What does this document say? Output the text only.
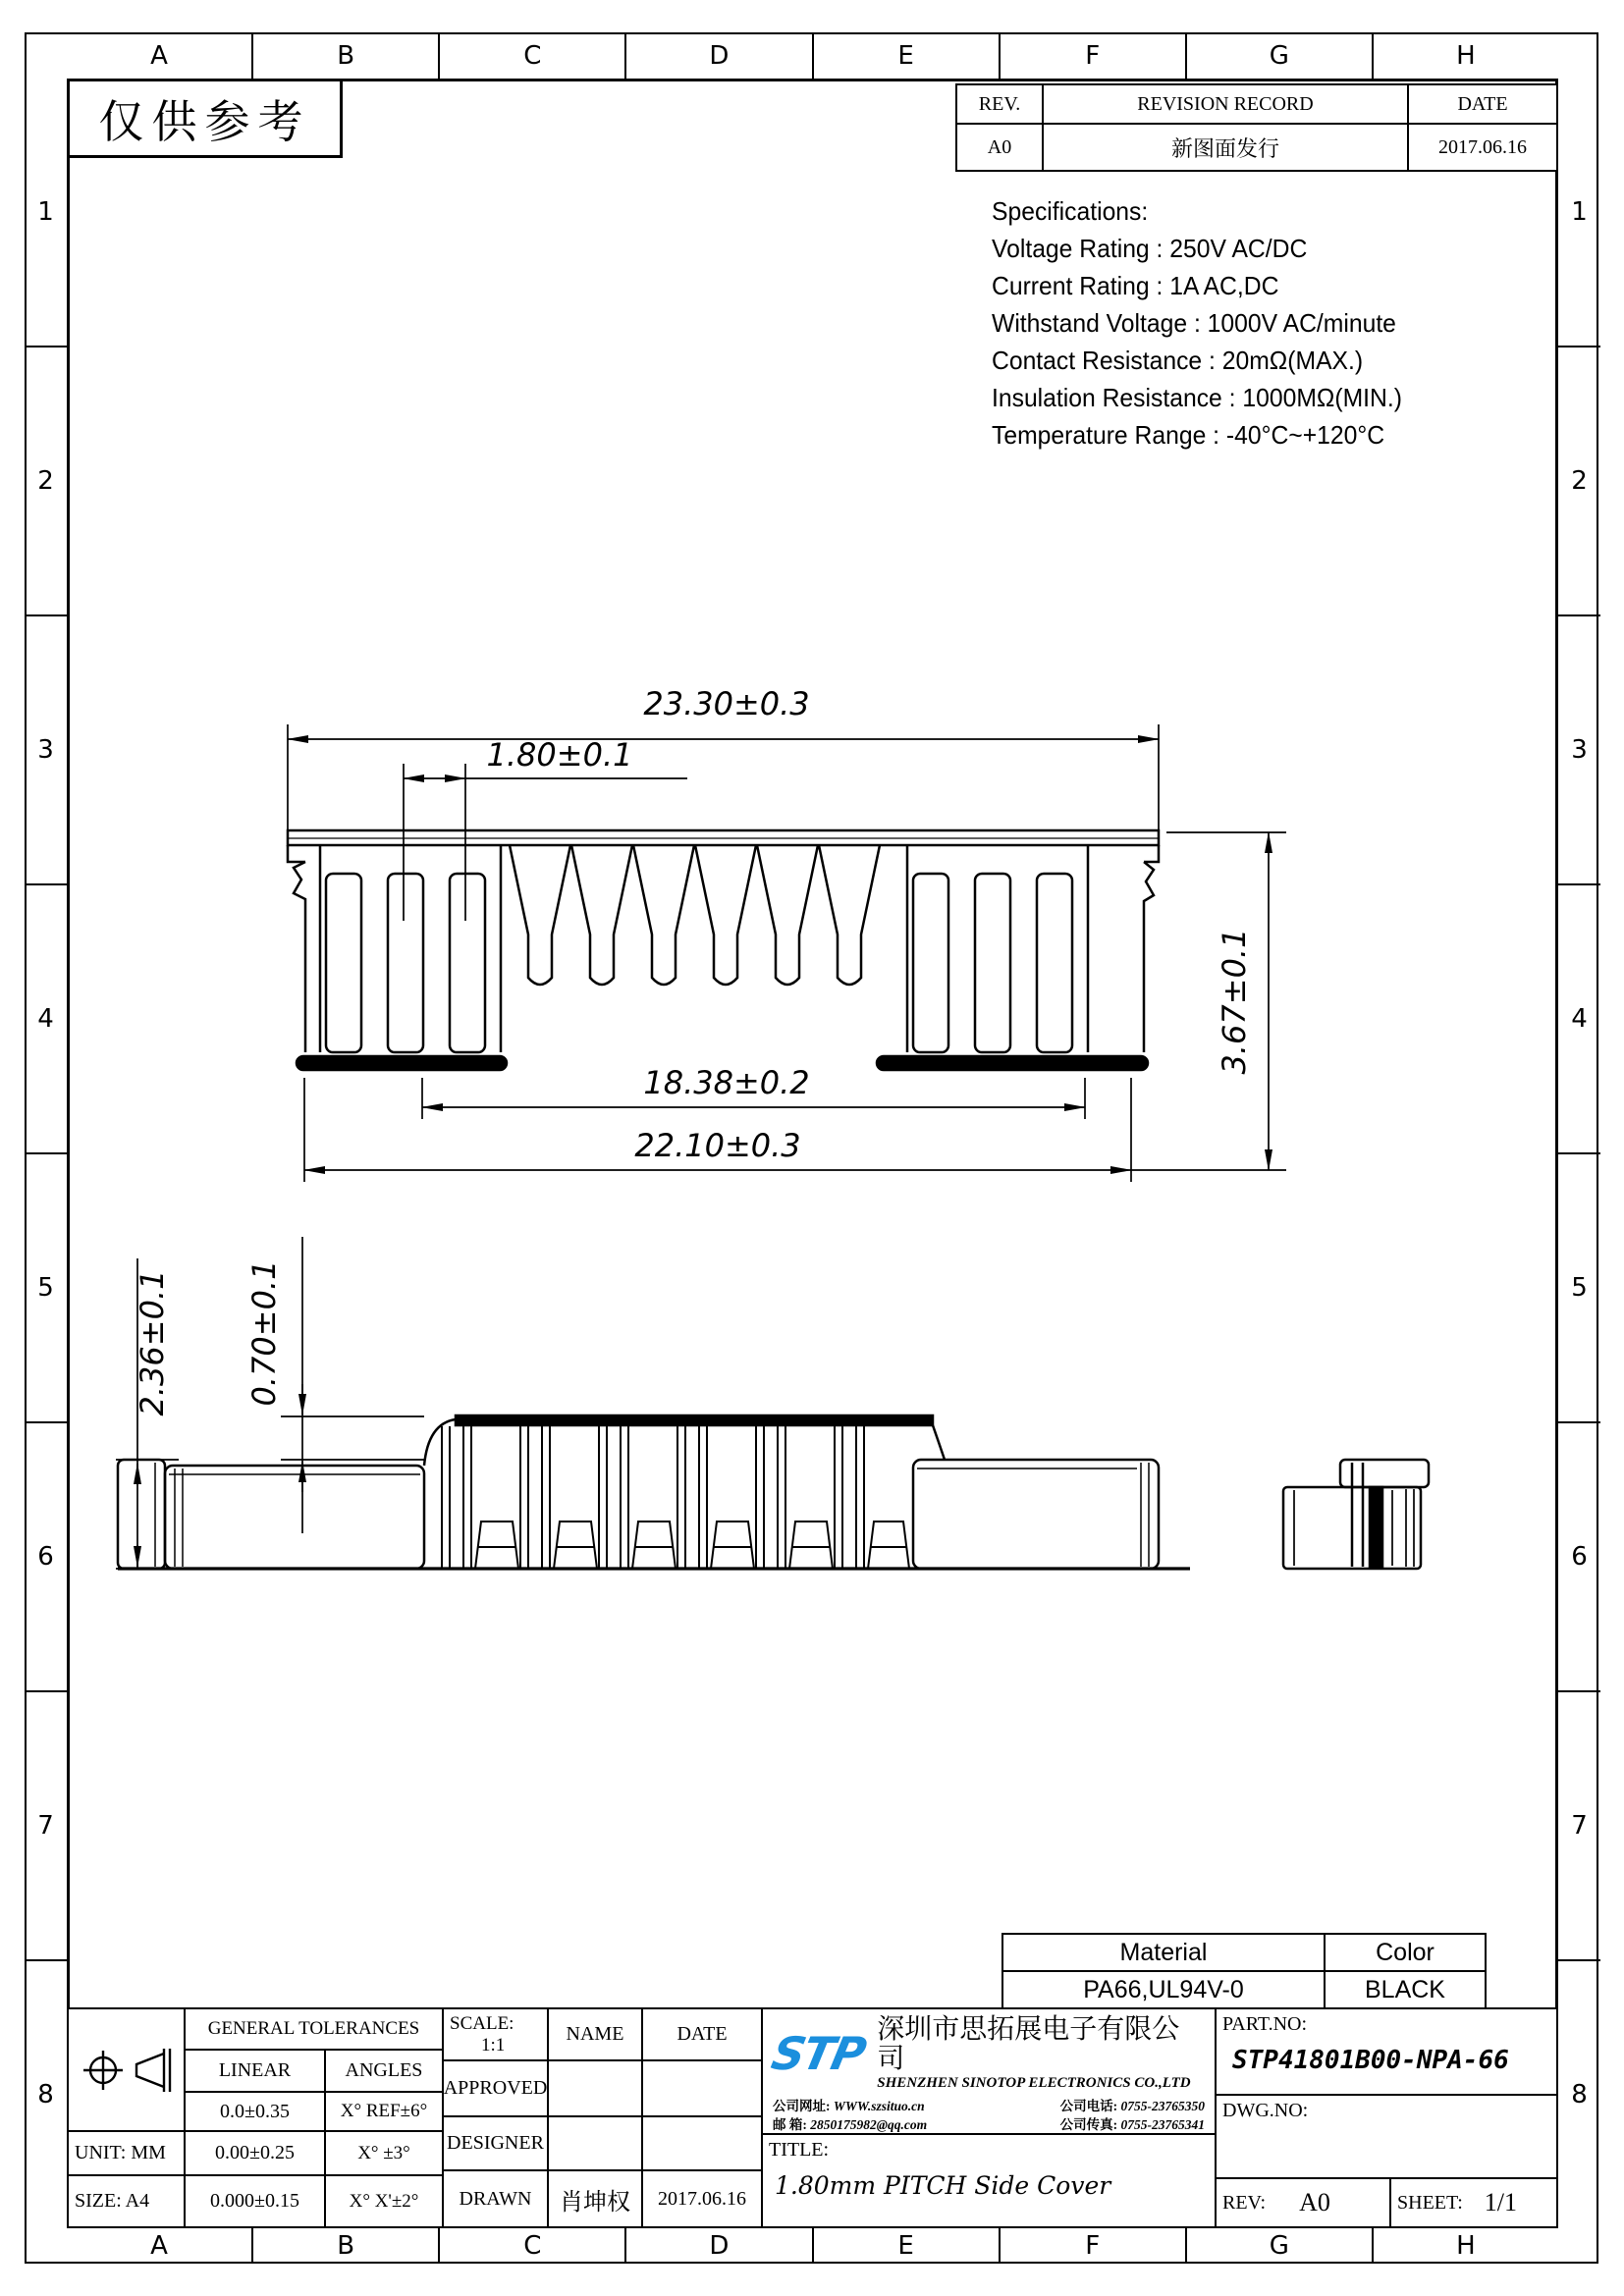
A	B	C	D	E	F	G	H
A	B	C	D	E	F	G	H
1
2
3
4
5
6
7
8
1
2
3
4
5
6
7
8
仅供参考	REV.	REVISION RECORD	DATE
A0	新图面发行	2017.06.16
Specifications:
Voltage Rating : 250V AC/DC
Current Rating : 1A AC,DC
Withstand Voltage : 1000V AC/minute
Contact Resistance : 20mΩ(MAX.)
Insulation Resistance : 1000MΩ(MIN.)
Temperature Range : -40°C~+120°C
23.30±0.3
1.80±0.1
18.38±0.2
22.10±0.3
3.67±0.1
2.36±0.1 0.70±0.1
Material	Color
PA66,UL94V-0	BLACK
UNIT: MM
SIZE: A4
GENERAL TOLERANCES
LINEAR	ANGLES
0.0±0.35	X° REF±6°
0.00±0.25	X° ±3°
0.000±0.15	X° X'±2°
SCALE:
1:1
NAME	DATE
APPROVED
DESIGNER
DRAWN	肖坤权	2017.06.16
STP 深圳市思拓展电子有限公司
SHENZHEN SINOTOP ELECTRONICS CO.,LTD
公司网址: WWW.szsituo.cn	公司电话: 0755-23765350
邮 箱: 2850175982@qq.com	公司传真: 0755-23765341
TITLE:
1.80mm PITCH Side Cover
PART.NO:
STP41801B00-NPA-66
DWG.NO:
REV: A0	SHEET: 1/1
